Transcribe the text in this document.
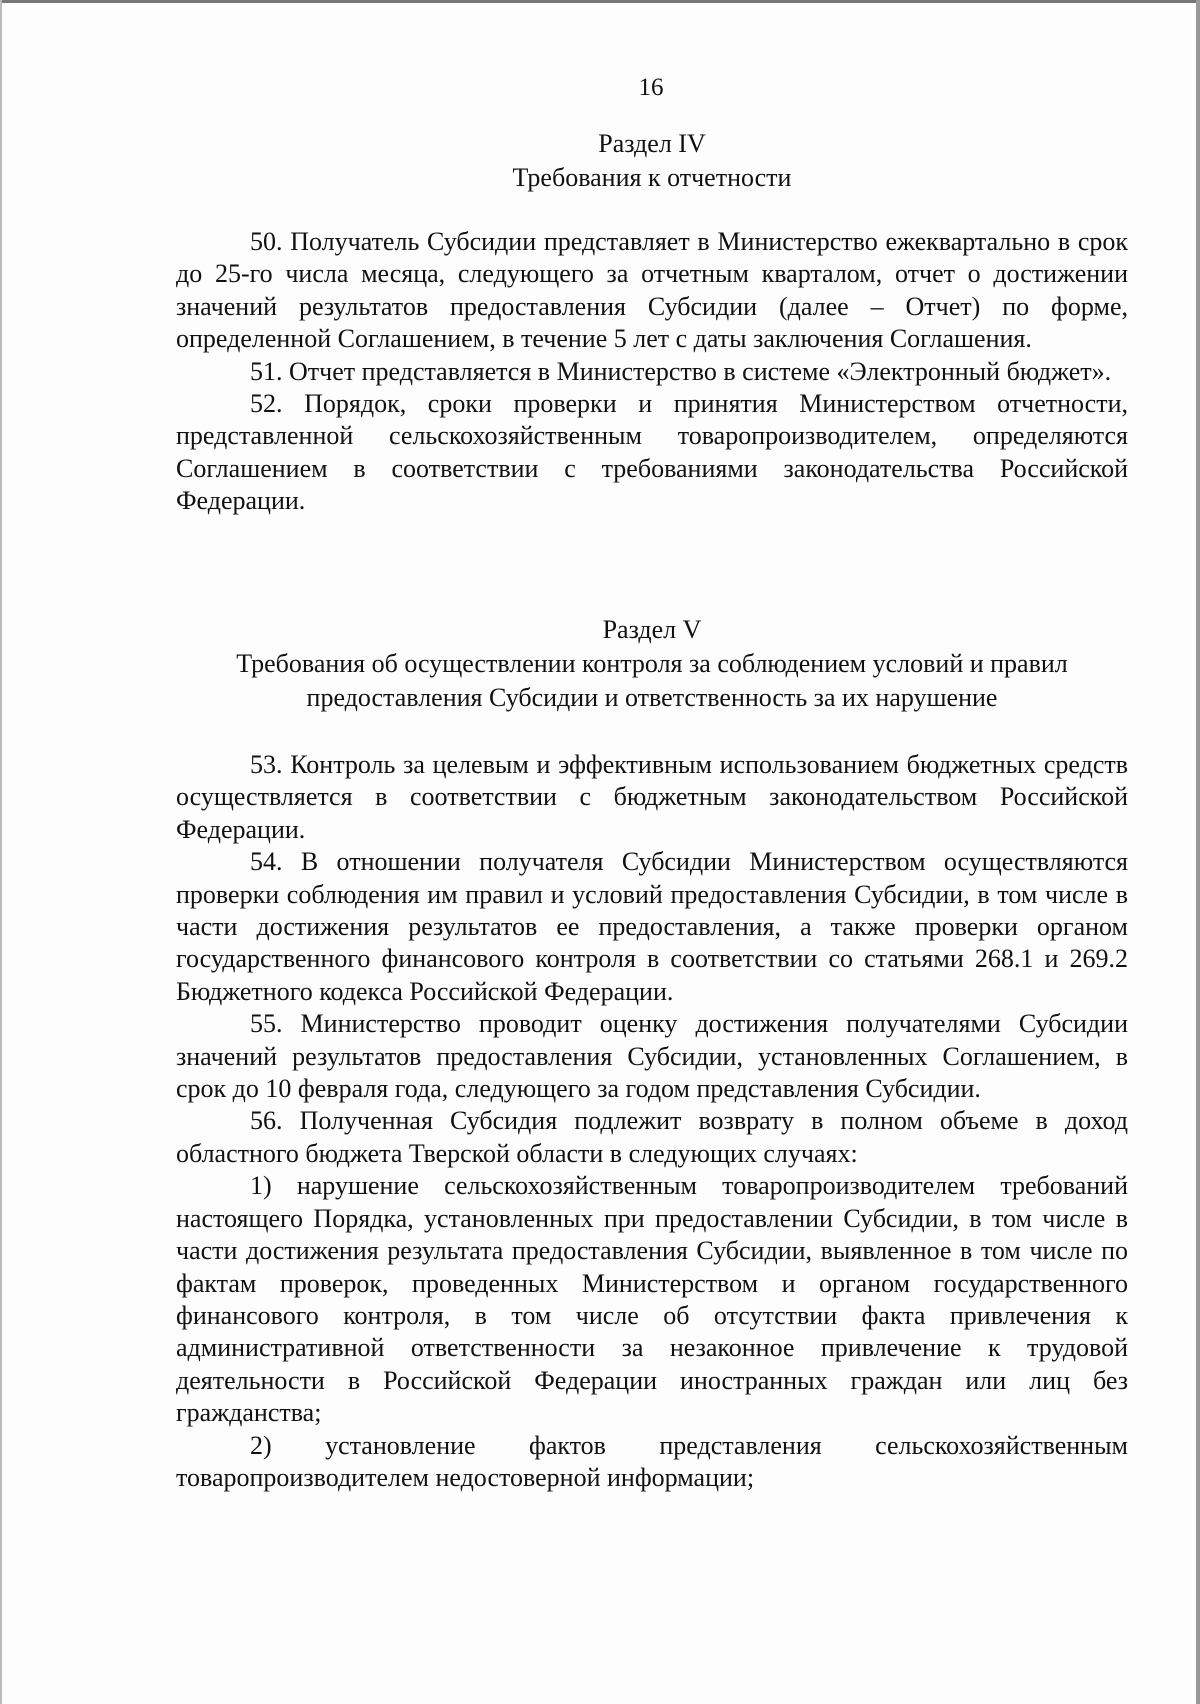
16
Раздел IV
Требования к отчетности

50. Получатель Субсидии представляет в Министерство ежеквартально в срок до 25-го числа месяца, следующего за отчетным кварталом, отчет о достижении значений результатов предоставления Субсидии (далее – Отчет) по форме, определенной Соглашением, в течение 5 лет с даты заключения Соглашения.

51. Отчет представляется в Министерство в системе «Электронный бюджет».

52. Порядок, сроки проверки и принятия Министерством отчетности, представленной сельскохозяйственным товаропроизводителем, определяются Соглашением в соответствии с требованиями законодательства Российской Федерации.

Раздел V
Требования об осуществлении контроля за соблюдением условий и правил
предоставления Субсидии и ответственность за их нарушение

53. Контроль за целевым и эффективным использованием бюджетных средств осуществляется в соответствии с бюджетным законодательством Российской Федерации.

54. В отношении получателя Субсидии Министерством осуществляются проверки соблюдения им правил и условий предоставления Субсидии, в том числе в части достижения результатов ее предоставления, а также проверки органом государственного финансового контроля в соответствии со статьями 268.1 и 269.2 Бюджетного кодекса Российской Федерации.

55. Министерство проводит оценку достижения получателями Субсидии значений результатов предоставления Субсидии, установленных Соглашением, в срок до 10 февраля года, следующего за годом представления Субсидии.

56. Полученная Субсидия подлежит возврату в полном объеме в доход областного бюджета Тверской области в следующих случаях:

1) нарушение сельскохозяйственным товаропроизводителем требований настоящего Порядка, установленных при предоставлении Субсидии, в том числе в части достижения результата предоставления Субсидии, выявленное в том числе по фактам проверок, проведенных Министерством и органом государственного финансового контроля, в том числе об отсутствии факта привлечения к административной ответственности за незаконное привлечение к трудовой деятельности в Российской Федерации иностранных граждан или лиц без гражданства;

2) установление фактов представления сельскохозяйственным товаропроизводителем недостоверной информации;
